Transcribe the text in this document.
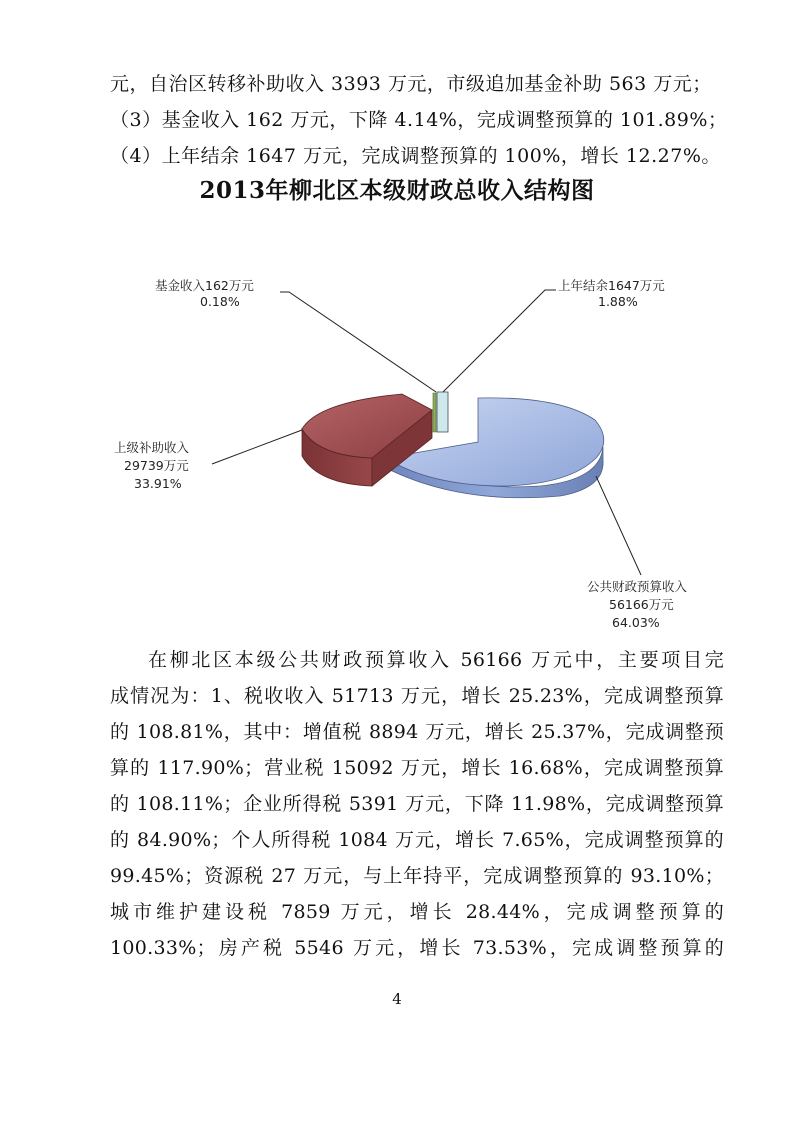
元，自治区转移补助收入 3393 万元，市级追加基金补助 563 万元；

（3）基金收入 162 万元，下降 4.14%，完成调整预算的 101.89%；

（4）上年结余 1647 万元，完成调整预算的 100%，增长 12.27%。

2013年柳北区本级财政总收入结构图
基金收入162万元
0.18%
上年结余1647万元
1.88%
上级补助收入
29739万元
33.91%
公共财政预算收入
56166万元
64.03%

在柳北区本级公共财政预算收入 56166 万元中，主要项目完

成情况为：1、税收收入 51713 万元，增长 25.23%，完成调整预算

的 108.81%，其中：增值税 8894 万元，增长 25.37%，完成调整预

算的 117.90%；营业税 15092 万元，增长 16.68%，完成调整预算

的 108.11%；企业所得税 5391 万元，下降 11.98%，完成调整预算

的 84.90%；个人所得税 1084 万元，增长 7.65%，完成调整预算的

99.45%；资源税 27 万元，与上年持平，完成调整预算的 93.10%；

城市维护建设税 7859 万元，增长 28.44%，完成调整预算的

100.33%；房产税 5546 万元，增长 73.53%，完成调整预算的

4
